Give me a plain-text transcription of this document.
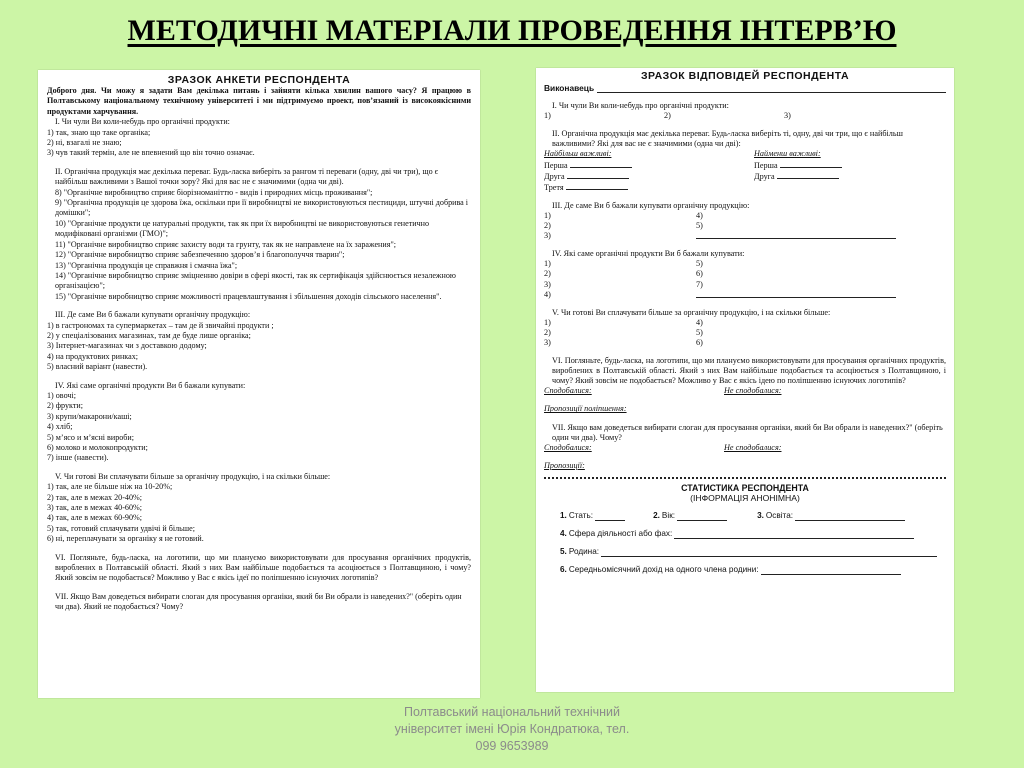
МЕТОДИЧНІ МАТЕРІАЛИ ПРОВЕДЕННЯ ІНТЕРВ’Ю

ЗРАЗОК АНКЕТИ РЕСПОНДЕНТА

Доброго дня. Чи можу я задати Вам декілька питань і зайняти кілька хвилин вашого часу? Я працюю в Полтавському національному технічному університеті і ми підтримуємо проект, пов’язаний із високоякісними продуктами харчування.

I. Чи чули Ви коли-небудь про органічні продукти:

1) так, знаю що таке органіка;

2) ні, взагалі не знаю;

3) чув такий термін, але не впевнений що він точно означає.

II. Органічна продукція має декілька переваг. Будь-ласка виберіть за рангом ті переваги (одну, дві чи три), що є найбільш важливими з Вашої точки зору? Які для вас не є значимими (одна чи дві).

8) "Органічне виробництво сприяє біорізноманіттю - видів і природних місць проживання";

9) "Органічна продукція це здорова їжа, оскільки при її виробництві не використовуються пестициди, штучні добрива і домішки";

10) "Органічне продукти це натуральні продукти, так як при їх виробництві не використовуються генетично модифіковані організми (ГМО)";

11) "Органічне виробництво сприяє захисту води та грунту, так як не направлене на їх заражения";

12) "Органічне виробництво сприяє забезпеченню здоров’я і благополуччя тварин";

13) "Органічна продукція це справжня і смачна їжа";

14) "Органічне виробництво сприяє зміцненню довіри в сфері якості, так як сертифікація здійснюється незалежною організацією";

15) "Органічне виробництво сприяє можливості працевлаштування і збільшення доходів сільського населення".

III. Де саме Ви б бажали купувати органічну продукцію:

1) в гастрономах та супермаркетах – там де й звичайні продукти ;

2) у спеціалізованих магазинах, там де буде лише органіка;

3) Інтернет-магазинах чи з доставкою додому;

4) на продуктових ринках;

5) власний варіант (навести).

IV. Які саме органічні продукти Ви б бажали купувати:

1) овочі;

2) фрукти;

3) крупи/макарони/каші;

4) хліб;

5) м’ясо и м’ясні вироби;

6) молоко и молокопродукти;

7) інше (навести).

V. Чи готові Ви сплачувати більше за органічну продукцію, і на скільки більше:

1) так, але не більше ніж на 10-20%;

2) так, але в межах 20-40%;

3) так, але в межах 40-60%;

4) так, але в межах 60-90%;

5) так, готовий сплачувати удвічі й більше;

6) ні, переплачувати за органіку я не готовий.

VI. Погляньте, будь-ласка, на логотипи, що ми плануємо використовувати для просування органічних продуктів, вироблених в Полтавській області. Який з них Вам найбільше подобається та асоціюється з Полтавщиною, і чому? Який зовсім не подобається? Можливо у Вас є якісь ідеї по поліпшенню існуючих логотипів?

VII. Якщо Вам доведеться вибирати слоган для просування органіки, який би Ви обрали із наведених?" (оберіть один чи два). Який не подобається? Чому?

ЗРАЗОК ВІДПОВІДЕЙ РЕСПОНДЕНТА

Виконавець

I. Чи чули Ви коли-небудь про органічні продукти:

1)	2)	3)

II. Органічна продукція має декілька переваг. Будь-ласка виберіть ті, одну, дві чи три, що є найбільш важливими? Які для вас не є значимими (одна чи дві):

Найбільш важливі:

Перша

Друга

Третя

Найменш важливі:

Перша

Друга

III. Де саме Ви б бажали купувати органічну продукцію:

1)
2)
3)
4)
5)

IV. Які саме органічні продукти Ви б бажали купувати:

1)
2)
3)
4)
5)
6)
7)

V. Чи готові Ви сплачувати більше за органічну продукцію, і на скільки більше:

1)
2)
3)
4)
5)
6)

VI. Погляньте, будь-ласка, на логотипи, що ми плануємо використовувати для просування органічних продуктів, вироблених в Полтавській області. Який з них Вам найбільше подобається та асоціюється з Полтавщиною, і чому? Який зовсім не подобається? Можливо у Вас є якісь ідею по поліпшенню існуючих логотипів?

Сподобалися:	Не сподобалися:

Пропозиції поліпшення:

VII. Якщо вам доведеться вибирати слоган для просування органіки, який би Ви обрали із наведених?" (оберіть один чи два). Чому?

Сподобалися:	Не сподобалися:

Пропозиції:

СТАТИСТИКА РЕСПОНДЕНТА

(ІНФОРМАЦІЯ АНОНІМНА)

1. Стать:	2. Вік:	3. Освіта:
4. Сфера діяльності або фах:
5. Родина:
6. Середньомісячний дохід на одного члена родини:
Полтавський національний технічний
університет імені Юрія Кондратюка, тел.
099 9653989
